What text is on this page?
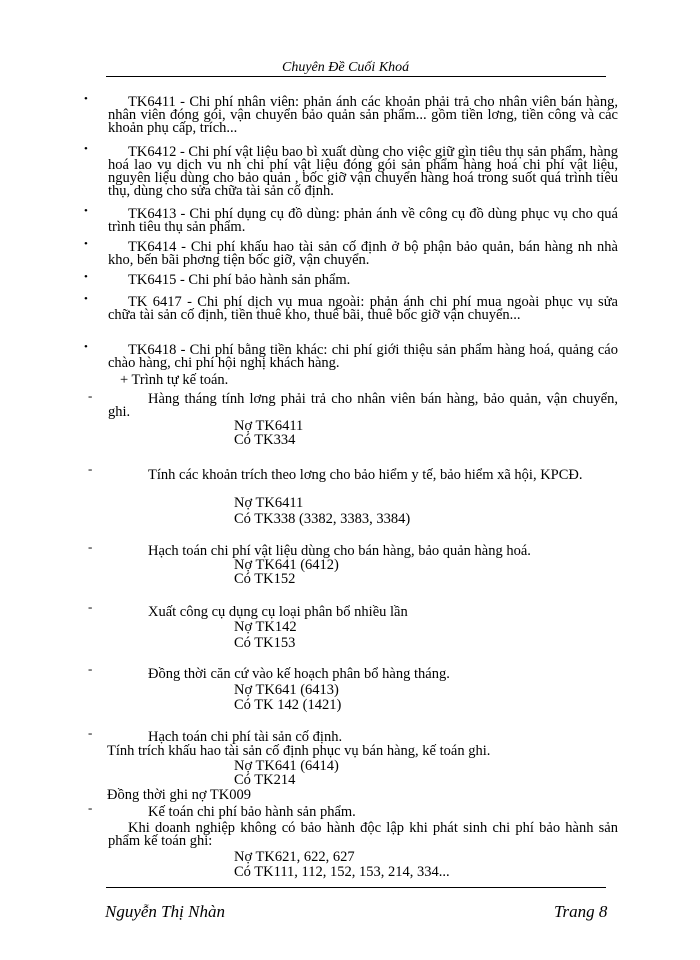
Chuyên Đề Cuối Khoá
•	TK6411 - Chi phí nhân viên: phản ánh các khoản phải trả cho nhân viên bán hàng, nhân viên đóng gói, vận chuyển bảo quản sản phẩm... gồm tiền lơng, tiền công và các khoản phụ cấp, trích...
•	TK6412 - Chi phí vật liệu bao bì xuất dùng cho việc giữ gìn tiêu thụ sản phẩm, hàng hoá lao vụ dịch vu nh chi phí vật liệu đóng gói sản phẩm hàng hoá chi phí vật liệu, nguyên liệu dùng cho bảo quản , bốc giỡ vận chuyển hàng hoá trong suốt quá trình tiêu thụ, dùng cho sửa chữa tài sản cố định.
•	TK6413 - Chi phí dụng cụ đồ dùng: phản ánh về công cụ đồ dùng phục vụ cho quá trình tiêu thụ sản phẩm.
•	TK6414 - Chi phí khấu hao tài sản cố định ở bộ phận bảo quản, bán hàng nh nhà kho, bến bãi phơng tiện bốc giỡ, vận chuyển.
•	TK6415 - Chi phí bảo hành sản phẩm.
•	TK 6417 - Chi phí dịch vụ mua ngoài: phản ánh chi phí mua ngoài phục vụ sửa chữa tài sản cố định, tiền thuê kho, thuê bãi, thuê bốc giỡ vận chuyển...
•	TK6418 - Chi phí bằng tiền khác: chi phí giới thiệu sản phẩm hàng hoá, quảng cáo chào hàng, chi phí hội nghị khách hàng.
+ Trình tự kế toán.
-	Hàng tháng tính lơng phải trả cho nhân viên bán hàng, bảo quản, vận chuyển, ghi.
Nợ TK6411
Có TK334
-	Tính các khoản trích theo lơng cho bảo hiểm y tế, bảo hiểm xã hội, KPCĐ.
Nợ TK6411
Có TK338 (3382, 3383, 3384)
-	Hạch toán chi phí vật liệu dùng cho bán hàng, bảo quản hàng hoá.
Nợ TK641 (6412)
Có TK152
-	Xuất công cụ dụng cụ loại phân bổ nhiều lần
Nợ TK142
Có TK153
-	Đồng thời căn cứ vào kế hoạch phân bổ hàng tháng.
Nợ TK641 (6413)
Có TK 142 (1421)
-	Hạch toán chi phí tài sản cố định.
Tính trích khấu hao tài sản cố định phục vụ bán hàng, kế toán ghi.
Nợ TK641 (6414)
Có TK214
Đồng thời ghi nợ TK009
-	Kế toán chi phí bảo hành sản phẩm.
Khi doanh nghiệp không có bảo hành độc lập khi phát sinh chi phí bảo hành sản phẩm kế toán ghi:
Nợ TK621, 622, 627
Có TK111, 112, 152, 153, 214, 334...
Nguyễn Thị Nhàn	Trang 8
